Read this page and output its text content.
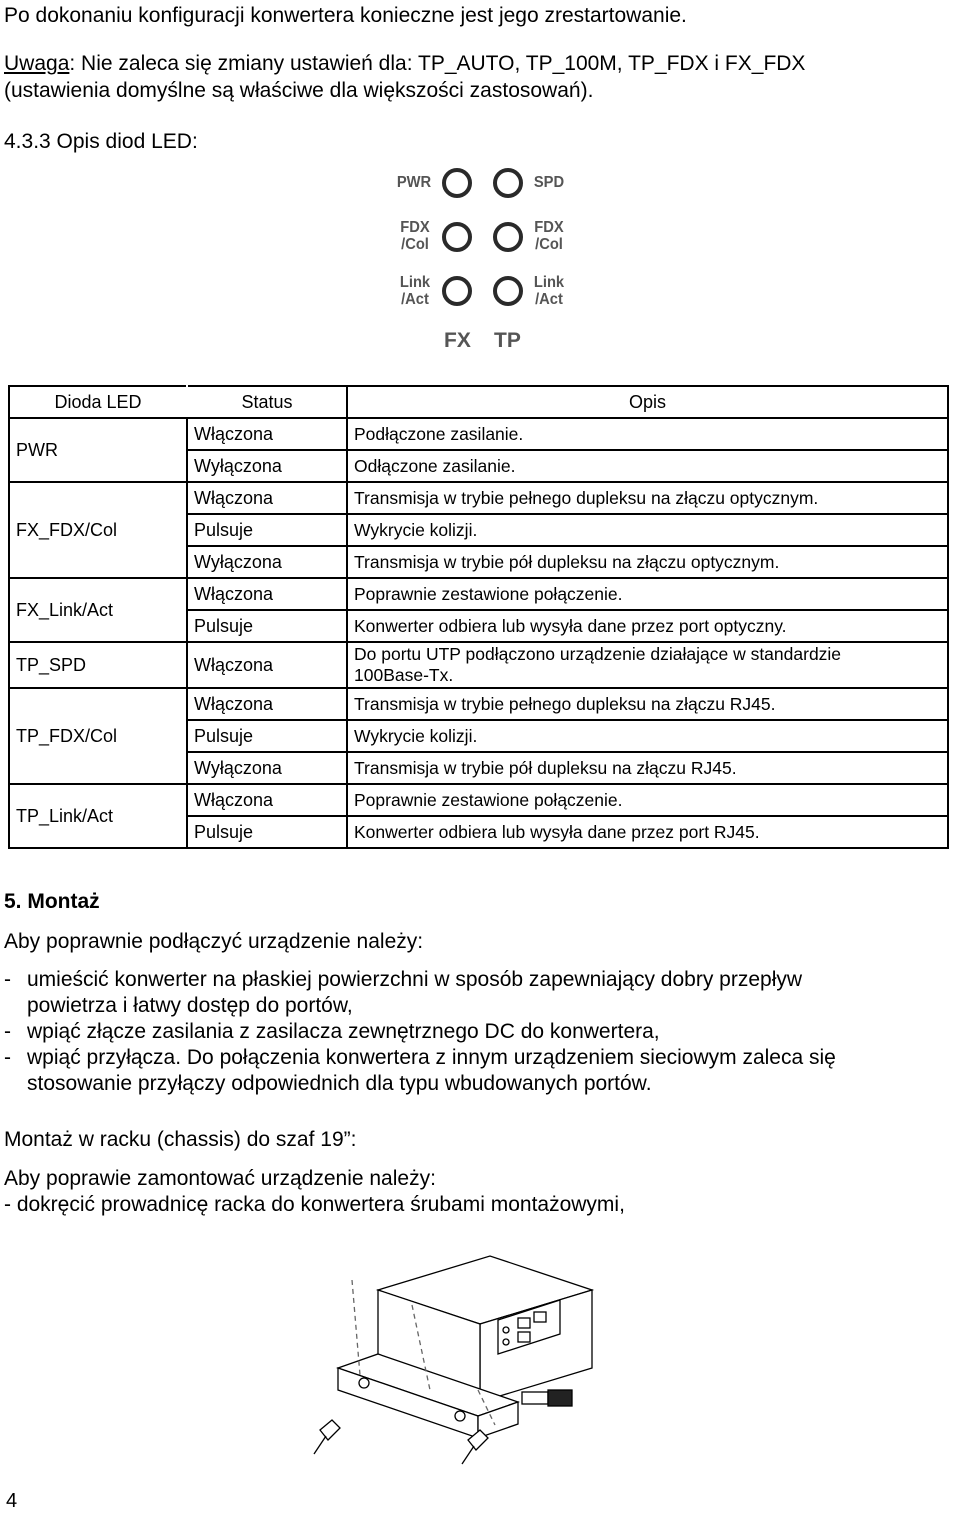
Po dokonaniu konfiguracji konwertera konieczne jest jego zrestartowanie.
Uwaga: Nie zaleca się zmiany ustawień dla: TP_AUTO, TP_100M, TP_FDX i FX_FDX
(ustawienia domyślne są właściwe dla większości zastosowań).
4.3.3 Opis diod LED:
PWR	SPD
FDX
/Col
FDX
/Col
Link
/Act
Link
/Act
FX TP
Dioda LED	Status	Opis
PWR	Włączona	Podłączone zasilanie.
	Wyłączona	Odłączone zasilanie.
FX_FDX/Col	Włączona	Transmisja w trybie pełnego dupleksu na złączu optycznym.
	Pulsuje	Wykrycie kolizji.
	Wyłączona	Transmisja w trybie pół dupleksu na złączu optycznym.
FX_Link/Act	Włączona	Poprawnie zestawione połączenie.
	Pulsuje	Konwerter odbiera lub wysyła dane przez port optyczny.
TP_SPD	Włączona	Do portu UTP podłączono urządzenie działające w standardzie
100Base-Tx.
TP_FDX/Col	Włączona	Transmisja w trybie pełnego dupleksu na złączu RJ45.
	Pulsuje	Wykrycie kolizji.
	Wyłączona	Transmisja w trybie pół dupleksu na złączu RJ45.
TP_Link/Act	Włączona	Poprawnie zestawione połączenie.
	Pulsuje	Konwerter odbiera lub wysyła dane przez port RJ45.
5. Montaż
Aby poprawnie podłączyć urządzenie należy:
- umieścić konwerter na płaskiej powierzchni w sposób zapewniający dobry przepływ
powietrza i łatwy dostęp do portów,
- wpiąć złącze zasilania z zasilacza zewnętrznego DC do konwertera,
- wpiąć przyłącza. Do połączenia konwertera z innym urządzeniem sieciowym zaleca się
stosowanie przyłączy odpowiednich dla typu wbudowanych portów.
Montaż w racku (chassis) do szaf 19”:
Aby poprawie zamontować urządzenie należy:
- dokręcić prowadnicę racka do konwertera śrubami montażowymi,
4
